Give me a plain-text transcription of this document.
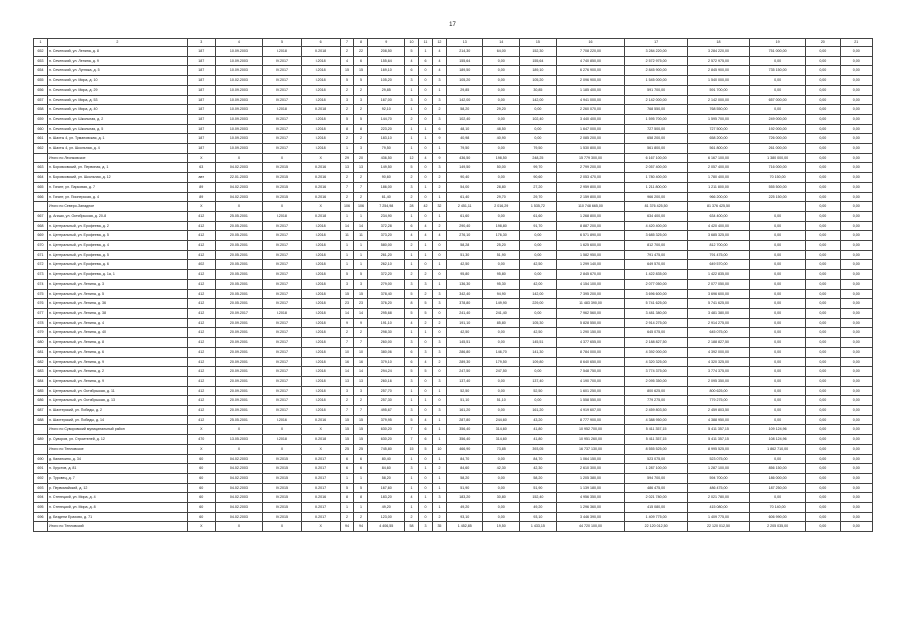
17
1	2	3	4	5	6	7	8	9	10	11	12	13	14	15	16	17	18	19	20	21
652	п. Сеченский, ул. Ленина, д. 8	187	10.09.2003	I.2018	II.2018	2	22	208,50	5	1	4	214,30	64,00	152,30	7 708 220,00	3 284 220,00	3 284 220,00	751 000,00	0,00	0,00
653	п. Сеченский, ул. Ленина, д. 9	187	10.09.2003	IV.2017	I.2018	4	6	155,64	4	6	4	155,64	0,00	155,64	4 740 850,00	2 572 975,00	2 572 975,00	0,00	0,00	0,00
654	п. Сеченский, ул. Лугняка, д. 5	187	10.09.2003	IV.2017	I.2018	15	15	169,10	6	0	4	189,50	0,00	189,10	6 276 900,00	2 845 900,00	2 845 900,00	735 150,00	0,00	0,00
655	п. Сеченский, ул. Мира, д. 10	187	10.02.2003	IV.2017	I.2018	5	5	105,20	3	0	3	105,20	0,00	105,20	2 096 900,00	1 545 000,00	1 540 000,00	0,00	0,00	0,00
656	п. Сеченский, ул. Мира, д. 29	187	10.09.2003	IV.2017	I.2018	2	2	29,85	1	0	1	29,85	0,00	30,85	1 185 400,00	591 700,00	591 700,00	0,00	0,00	0,00
657	п. Сеченский, ул. Мира, д. 53	187	10.09.2003	IV.2017	I.2018	3	3	167,00	3	0	3	142,00	0,00	142,00	4 941 000,00	2 142 000,00	2 142 000,00	657 000,00	0,00	0,00
658	п. Сеченский, ул. Мира, д. 40	187	10.09.2003	I.2018	II.2018	2	2	92,10	1	0	2	58,20	29,20	0,00	2 260 070,00	768 550,00	768 550,00	0,00	0,00	0,00
659	п. Сеченский, ул. Школьная, д. 2	187	10.09.2003	IV.2017	I.2018	5	5	144,70	2	0	3	102,40	0,00	102,40	3 440 400,00	1 595 700,00	1 595 700,00	249 000,00	0,00	0,00
660	п. Сеченский, ул. Школьная, д. 5	187	10.09.2003	IV.2017	I.2018	8	8	223,20	1	1	6	48,10	48,50	0,00	1 647 000,00	727 500,00	727 500,00	192 000,00	0,00	0,00
661	п. Шахты 4, ул. Тумановская, д. 1	187	10.09.2003	IV.2017	I.2018	2	2	183,10	1	1	9	40,98	40,90	0,00	2 085 200,00	658 200,00	658 200,00	726 000,00	0,00	0,00
662	п. Шахты 4, ул. Школьная, д. 4	187	10.09.2003	IV.2017	I.2018	1	3	79,50	1	0	1	79,50	0,00	79,50	1 530 800,00	561 800,00	561 800,00	261 000,00	0,00	0,00
	Итого по Леонковское	X	X	X	X	29	20	436,50	12	4	9	436,50	198,50	248,25	15 779 300,00	6 167 100,00	6 167 100,00	1 380 000,00	0,00	0,00
663	п. Боровковский, ул. Первиная, д. 1	63	04.02.2003	IV.2015	II.2016	13	13	149,50	5	0	3	149,50	50,00	99,70	2 799 200,00	2 057 400,00	2 057 400,00	716 000,00	0,00	0,00
664	п. Боровковский, ул. Школьная, д. 12	авт	22.01.2003	IV.2015	II.2016	2	2	90,60	2	0	2	90,40	0,00	90,60	2 053 470,00	1 780 400,00	1 780 400,00	70 150,00	0,00	0,00
665	п. Гигант, ул. Парковая, д. 7	89	04.02.2003	IV.2015	II.2016	7	7	186,00	3	1	2	54,00	28,80	27,20	2 959 800,00	1 211 800,00	1 211 800,00	555 500,00	0,00	0,00
666	п. Гигант, ул. Пионерская, д. 4	89	04.02.2003	IV.2015	II.2016	2	2	61,40	2	0	1	61,40	29,70	29,70	2 159 800,00	966 200,00	966 200,00	225 150,00	0,00	0,00
	Итого по Северо-Западное	X	X	X	X	106	106	7 254,98	28	42	32	2 451,11	2 016,29	1 535,72	110 748 665,00	81 376 425,50	81 376 425,50		0,00	0,00
667	д. Агиши, ул. Октябрьская, д. 20-8	412	25.05.2001	I.2018	II.2018	1	1	234,90	1	0	1	61,60	0,00	61,60	1 268 800,00	634 400,00	634 400,00	0,00	0,00	0,00
668	п. Центральный, ул. Ерофеева, д. 2	412	20.05.2001	IV.2017	I.2018	14	14	372,28	6	4	2	290,40	198,80	91,70	8 887 200,00	4 420 400,00	4 420 400,00	0,00	0,00	0,00
669	п. Центральный, ул. Ерофеева, д. 5	412	20.05.2001	IV.2017	I.2018	11	11	373,20	4	4	4	276,10	176,30	0,00	6 571 890,00	3 685 325,00	3 685 325,00	0,00	0,00	0,00
670	п. Центральный, ул. Ерофеева, д. 4	412	20.05.2001	IV.2017	I.2018	1	1	580,00	2	1	0	58,28	25,20	0,00	1 625 600,00	812 700,00	812 700,00	0,00	0,00	0,00
671	п. Центральный, ул. Ерофеева, д. 5	412	20.05.2001	IV.2017	I.2018	1	1	261,20	1	1	0	51,30	51,90	0,00	1 582 950,00	791 475,00	791 475,00	0,00	0,00	0,00
672	п. Центральный, ул. Ерофеева, д. 6	402	20.05.2001	IV.2017	I.2018	1	1	262,10	1	0	1	42,50	0,00	42,50	1 299 140,00	649 570,00	649 570,00	0,00	0,00	0,00
673	п. Центральный, ул. Ерофеева, д. 1а, 1	412	20.05.2001	IV.2017	I.2018	5	5	372,20	2	2	0	95,80	95,80	0,00	2 845 670,00	1 422 835,00	1 422 835,00	0,00	0,00	0,00
674	п. Центральный, ул. Ленина, д. 3	412	20.05.2001	IV.2017	I.2018	3	3	279,00	3	3	1	136,30	95,30	42,00	4 154 100,00	2 077 050,00	2 077 050,00	0,00	0,00	0,00
675	п. Центральный, ул. Ленина, д. 5	412	20.05.2001	IV.2017	I.2018	15	15	378,40	5	2	3	342,40	94,90	142,00	7 395 200,00	3 696 600,00	3 696 600,00	0,00	0,00	0,00
676	п. Центральный, ул. Ленина, д. 36	412	20.05.2001	IV.2017	I.2018	23	23	376,20	8	5	3	378,80	149,90	229,00	11 483 390,00	5 741 625,00	5 741 625,00	0,00	0,00	0,00
677	п. Центральный, ул. Ленина, д. 38	412	20.09.2017	I.2018	I.2018	14	14	295,68	5	5	0	241,40	241,40	0,00	7 962 560,00	3 481 380,00	3 481 380,00	0,00	0,00	0,00
678	п. Центральный, ул. Ленина, д. 4	412	20.09.2001	IV.2017	I.2018	9	9	191,10	4	2	2	191,10	85,80	105,30	5 828 550,00	2 914 275,00	2 914 275,00	0,00	0,00	0,00
679	п. Центральный, ул. Ленина, д. 40	412	20.09.2001	IV.2017	I.2018	2	2	298,30	1	1	0	42,50	0,00	42,50	1 290 150,00	645 075,00	645 075,00	0,00	0,00	0,00
680	п. Центральный, ул. Ленина, д. 8	412	20.09.2001	IV.2017	I.2018	7	7	260,00	3	0	3	145,51	0,00	145,51	4 377 655,00	2 188 827,50	2 188 827,50	0,00	0,00	0,00
681	п. Центральный, ул. Ленина, д. 6	412	20.09.2001	IV.2017	I.2018	10	10	380,06	6	3	3	286,80	146,70	141,30	8 784 000,00	4 392 000,00	4 392 000,00	0,00	0,00	0,00
682	п. Центральный, ул. Ленина, д. 9	412	20.09.2001	IV.2017	I.2018	16	16	379,10	6	4	2	289,30	179,50	109,80	8 640 650,00	4 320 325,00	4 320 325,00	0,00	0,00	0,00
683	п. Центральный, ул. Ленина, д. 2	412	20.09.2001	IV.2017	I.2018	14	14	294,24	5	5	0	247,50	247,50	0,00	7 548 750,00	3 774 375,00	3 774 375,00	0,00	0,00	0,00
684	п. Центральный, ул. Ленина, д. 9	412	20.09.2001	IV.2017	I.2018	13	13	260,16	3	0	3	137,40	0,00	137,40	4 190 700,00	2 095 350,00	2 095 350,00	0,00	0,00	0,00
685	п. Центральный, ул. Октябрьская, д. 11	412	20.09.2001	IV.2017	I.2018	3	3	257,70	1	0	1	52,50	0,00	52,50	1 601 250,00	800 625,00	800 625,00	0,00	0,00	0,00
686	п. Центральный, ул. Октябрьская, д. 13	412	20.09.2001	IV.2017	I.2018	2	2	257,30	1	1	0	51,10	51,10	0,00	1 558 550,00	779 275,00	779 275,00	0,00	0,00	0,00
687	п. Шахтерский, ул. Победы, д. 2	412	20.09.2001	IV.2017	I.2018	7	7	495,67	3	0	3	161,20	0,00	161,20	4 919 607,00	2 459 803,50	2 459 803,50	0,00	0,00	0,00
688	п. Шахтерский, ул. Победы, д. 14	412	25.05.2001	I.2016	II.2016	15	15	379,95	5	4	1	287,80	244,60	43,20	8 777 900,00	4 388 950,00	4 388 950,00	0,00	0,00	0,00
	Итого по Суворовский муниципальный район	X	X	X	X	15	15	630,20	7	6	1	356,40	314,60	41,80	10 952 700,00	5 411 357,15	5 411 357,15	109 124,96	0,00	0,00
689	р. Суворов, ул. Строителей, д. 12	470	13.05.2003	I.2018	II.2018	15	15	630,20	7	6	1	356,40	314,60	41,80	10 951 260,00	5 411 357,15	5 411 357,15	108 124,96	0,00	0,00
	Итого по Тепловское	X	X	X	X	25	25	745,80	15	5	10	466,90	73,85	393,05	16 737 130,00	8 555 525,00	8 995 525,00	1 862 710,00	0,00	0,00
690	д. Калинкино, д. 34	60	04.02.2003	IV.2015	II.2017	6	6	80,40	1	0	1	84,70	0,00	84,70	1 064 150,00	523 075,00	523 075,00	0,00	0,00	0,00
691	п. Хрустов, д. 81	60	04.02.2003	IV.2015	II.2017	6	6	84,60	3	1	2	84,60	42,30	42,30	2 610 300,00	1 287 100,00	1 287 100,00	856 150,00	0,00	0,00
692	р. Туровец, д. 7	60	04.02.2003	IV.2015	II.2017	1	1	58,20	1	0	1	58,20	0,00	58,20	1 205 380,00	594 700,00	594 700,00	186 000,00	0,00	0,00
693	р. Первомайский, д. 12	60	04.02.2003	IV.2015	II.2017	5	5	167,60	1	0	1	51,90	0,00	51,90	1 139 180,00	486 475,00	486 475,00	187 250,00	0,00	0,00
694	п. Степецкий, ул. Мира, д. 4	60	04.02.2003	IV.2015	II.2016	8	8	183,20	4	1	3	183,20	30,80	152,40	4 956 350,00	2 021 780,00	2 021 780,00	0,00	0,00	0,00
695	п. Степецкий, ул. Мира, д. 8	60	04.02.2003	IV.2015	II.2017	1	1	49,20	1	0	1	49,20	0,00	49,20	1 296 360,00	415 080,00	415 080,00	70 140,00	0,00	0,00
696	д. Бездени Ерахово, д. 71	60	04.02.2003	IV.2015	II.2017	2	2	123,00	2	0	2	93,10	0,00	93,10	3 446 390,00	1 409 775,00	1 409 775,00	606 990,00	0,00	0,00
	Итого по Тепловский	X	X	X	X	94	94	4 406,55	58	3	35	1 452,85	19,50	1 433,15	44 720 100,00	22 120 012,50	22 120 012,50	2 205 035,00	0,00	0,00
